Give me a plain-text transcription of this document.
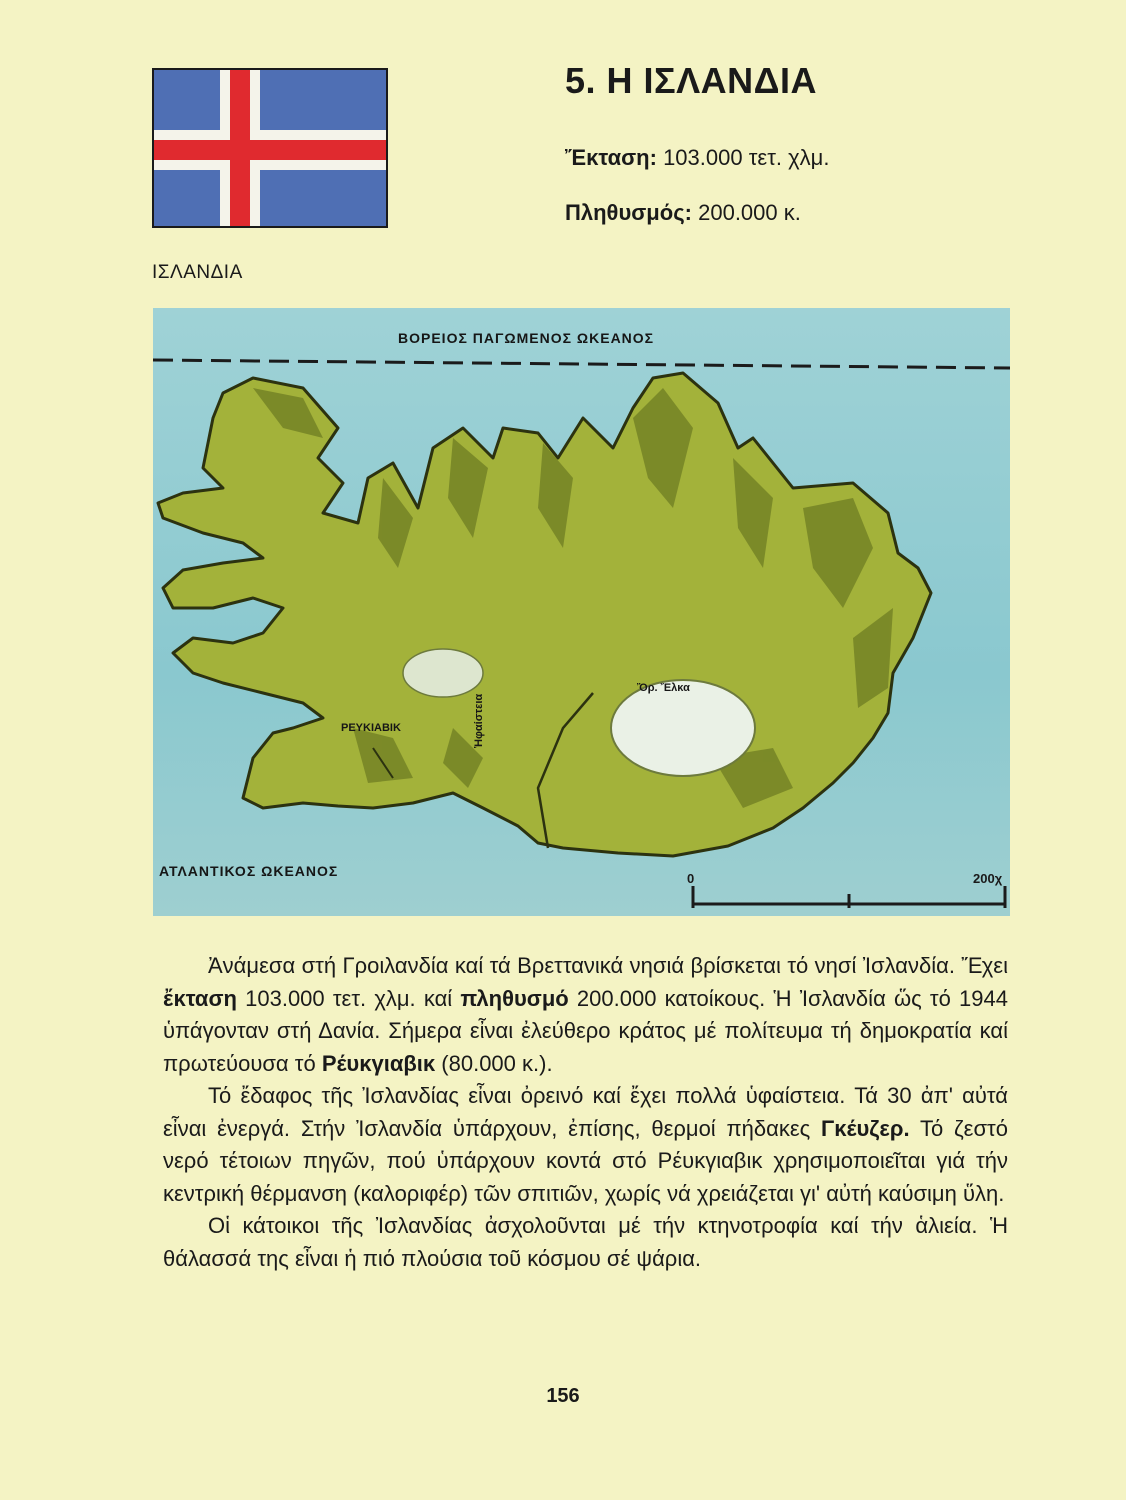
ΙΣΛΑΝΔΙΑ
5. Η ΙΣΛΑΝΔΙΑ
Ἔκταση: 103.000 τετ. χλμ.
Πληθυσμός: 200.000 κ.
ΒΟΡΕΙΟΣ ΠΑΓΩΜΕΝΟΣ ΩΚΕΑΝΟΣ
ΑΤΛΑΝΤΙΚΟΣ ΩΚΕΑΝΟΣ
ΡΕΥΚΙΑΒΙΚ
Ὄρ. Ἔλκα
Ἡφαίστεια
0	200χ

Ἀνάμεσα στή Γροιλανδία καί τά Βρεττανικά νησιά βρίσκεται τό νησί Ἰσλανδία. Ἔχει ἔκταση 103.000 τετ. χλμ. καί πληθυσμό 200.000 κατοίκους. Ἡ Ἰσλανδία ὥς τό 1944 ὑπάγονταν στή Δανία. Σήμερα εἶναι ἐλεύθερο κράτος μέ πολίτευμα τή δημοκρατία καί πρωτεύουσα τό Ρέυκγιαβικ (80.000 κ.).

Τό ἔδαφος τῆς Ἰσλανδίας εἶναι ὀρεινό καί ἔχει πολλά ὑφαίστεια. Τά 30 ἀπ' αὐτά εἶναι ἐνεργά. Στήν Ἰσλανδία ὑπάρχουν, ἐπίσης, θερμοί πήδακες Γκέυζερ. Τό ζεστό νερό τέτοιων πηγῶν, πού ὑπάρχουν κοντά στό Ρέυκγιαβικ χρησιμοποιεῖται γιά τήν κεντρική θέρμανση (καλοριφέρ) τῶν σπιτιῶν, χωρίς νά χρειάζεται γι' αὐτή καύσιμη ὕλη.

Οἱ κάτοικοι τῆς Ἰσλανδίας ἀσχολοῦνται μέ τήν κτηνοτροφία καί τήν ἁλιεία. Ἡ θάλασσά της εἶναι ἡ πιό πλούσια τοῦ κόσμου σέ ψάρια.

156
